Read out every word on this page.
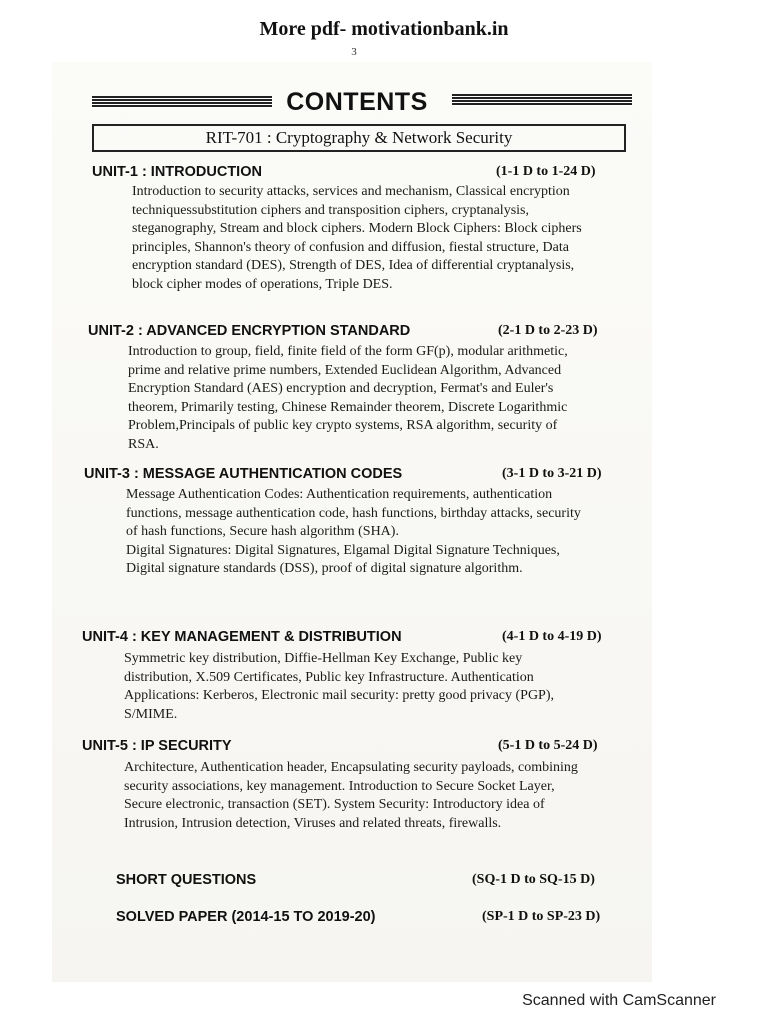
More pdf- motivationbank.in
3
CONTENTS
RIT-701 : Cryptography & Network Security
UNIT-1 : INTRODUCTION	(1-1 D to 1-24 D)

Introduction to security attacks, services and mechanism, Classical encryption techniquessubstitution ciphers and transposition ciphers, cryptanalysis, steganography, Stream and block ciphers. Modern Block Ciphers: Block ciphers principles, Shannon's theory of confusion and diffusion, fiestal structure, Data encryption standard (DES), Strength of DES, Idea of differential cryptanalysis, block cipher modes of operations, Triple DES.

UNIT-2 : ADVANCED ENCRYPTION STANDARD	(2-1 D to 2-23 D)

Introduction to group, field, finite field of the form GF(p), modular arithmetic, prime and relative prime numbers, Extended Euclidean Algorithm, Advanced Encryption Standard (AES) encryption and decryption, Fermat's and Euler's theorem, Primarily testing, Chinese Remainder theorem, Discrete Logarithmic Problem,Principals of public key crypto systems, RSA algorithm, security of RSA.

UNIT-3 : MESSAGE AUTHENTICATION CODES	(3-1 D to 3-21 D)

Message Authentication Codes: Authentication requirements, authentication functions, message authentication code, hash functions, birthday attacks, security of hash functions, Secure hash algorithm (SHA).

Digital Signatures: Digital Signatures, Elgamal Digital Signature Techniques, Digital signature standards (DSS), proof of digital signature algorithm.

UNIT-4 : KEY MANAGEMENT & DISTRIBUTION	(4-1 D to 4-19 D)

Symmetric key distribution, Diffie-Hellman Key Exchange, Public key distribution, X.509 Certificates, Public key Infrastructure. Authentication Applications: Kerberos, Electronic mail security: pretty good privacy (PGP), S/MIME.

UNIT-5 : IP SECURITY	(5-1 D to 5-24 D)

Architecture, Authentication header, Encapsulating security payloads, combining security associations, key management. Introduction to Secure Socket Layer, Secure electronic, transaction (SET). System Security: Introductory idea of Intrusion, Intrusion detection, Viruses and related threats, firewalls.

SHORT QUESTIONS	(SQ-1 D to SQ-15 D)
SOLVED PAPER (2014-15 TO 2019-20)	(SP-1 D to SP-23 D)
Scanned with CamScanner
